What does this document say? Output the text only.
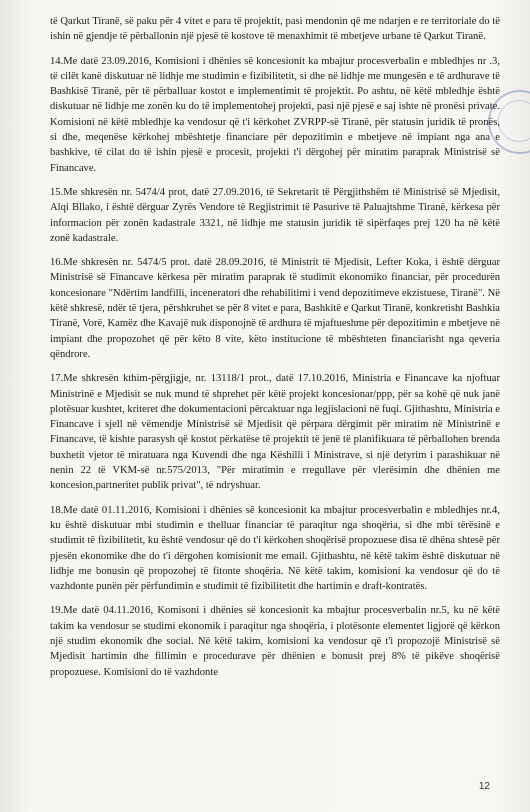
të Qarkut Tiranë, së paku për 4 vitet e para të projektit, pasi mendonin që me ndarjen e re territoriale do të ishin në gjendje të përballonin një pjesë të kostove të menaxhimit të mbetjeve urbane të Qarkut Tiranë.

14.Me datë 23.09.2016, Komisioni i dhënies së koncesionit ka mbajtur procesverbalin e mbledhjes nr .3, të cilët kanë diskutuar në lidhje me studimin e fizibilitetit, si dhe në lidhje me mungesën e të ardhurave të Bashkisë Tiranë, për të përballuar kostot e implementimit të projektit. Po ashtu, në këtë mbledhje është diskutuar në lidhje me zonën ku do të implementohej projekti, pasi një pjesë e saj ishte në pronësi private. Komisioni në këtë mbledhje ka vendosur që t'i kërkohet ZVRPP-së Tiranë, për statusin juridik të pronës, si dhe, meqenëse kërkohej mbështetje financiare për depozitimin e mbetjeve në impiant nga ana e bashkive, të cilat do të ishin pjesë e procesit, projekti t'i dërgohej për miratim paraprak Ministrisë së Financave.

15.Me shkresën nr. 5474/4 prot, datë 27.09.2016, të Sekretarit të Përgjithshëm të Ministrisë së Mjedisit, Alqi Bllako, i është dërguar Zyrës Vendore të Regjistrimit të Pasurive të Paluajtshme Tiranë, kërkesa për informacion për zonën kadastrale 3321, në lidhje me statusin juridik të sipërfaqes prej 120 ha në këtë zonë kadastrale.

16.Me shkresën nr. 5474/5 prot. datë 28.09.2016, të Ministrit të Mjedisit, Lefter Koka, i është dërguar Ministrisë së Financave kërkesa për miratim paraprak të studimit ekonomiko financiar, për procedurën koncesionare "Ndërtim landfilli, inceneratori dhe rehabilitimi i vend depozitimeve ekzistuese, Tiranë". Në këtë shkresë, ndër të tjera, përshkruhet se për 8 vitet e para, Bashkitë e Qarkut Tiranë, konkretisht Bashkia Tiranë, Vorë, Kamëz dhe Kavajë nuk disponojnë të ardhura të mjaftueshme për depozitimin e mbetjeve në impiant dhe propozohet që për këto 8 vite, këto institucione të mbështeten financiarisht nga qeveria qëndrore.

17.Me shkresën kthim-përgjigje, nr. 13118/1 prot., datë 17.10.2016, Ministria e Financave ka njoftuar Ministrinë e Mjedisit se nuk mund të shprehet për këtë projekt koncesionar/ppp, për sa kohë që nuk janë plotësuar kushtet, kriteret dhe dokumentacioni përcaktuar nga legjislacioni në fuqi. Gjithashtu, Ministria e Financave i sjell në vëmendje Ministrisë së Mjedisit që përpara dërgimit për miratim në Ministrinë e Financave, të kishte parasysh që kostot përkatëse të projektit të jenë të planifikuara të përballohen brenda buxhetit vjetor të miratuara nga Kuvendi dhe nga Këshilli i Ministrave, si një detyrim i parashikuar në nenin 22 të VKM-së nr.575/2013, "Për miratimin e rregullave për vlerësimin dhe dhënien me koncesion,partneritet publik privat", të ndryshuar.

18.Me datë 01.11.2016, Komisioni i dhënies së koncesionit ka mbajtur procesverbalin e mbledhjes nr.4, ku është diskutuar mbi studimin e thelluar financiar të paraqitur nga shoqëria, si dhe mbi tërësinë e studimit të fizibilitetit, ku është vendosur që do t'i kërkohen shoqërisë propozuese disa të dhëna shtesë për pjesën ekonomike dhe do t'i dërgohen komisionit me email. Gjithashtu, në këtë takim është diskutuar në lidhje me bonusin që propozohej të fitonte shoqëria. Në këtë takim, komisioni ka vendosur që do të vazhdonte punën për përfundimin e studimit të fizibilitetit dhe hartimin e draft-kontratës.

19.Me datë 04.11.2016, Komisoni i dhënies së koncesionit ka mbajtur procesverbalin nr.5, ku në këtë takim ka vendosur se studimi ekonomik i paraqitur nga shoqëria, i plotësonte elementet ligjorë që kërkon një studim ekonomik dhe social. Në këtë takim, komisioni ka vendosur që t'i propozojë Ministrisë së Mjedisit hartimin dhe fillimin e procedurave për dhënien e bonusit prej 8% të pikëve shoqërisë propozuese. Komisioni do të vazhdonte

12
